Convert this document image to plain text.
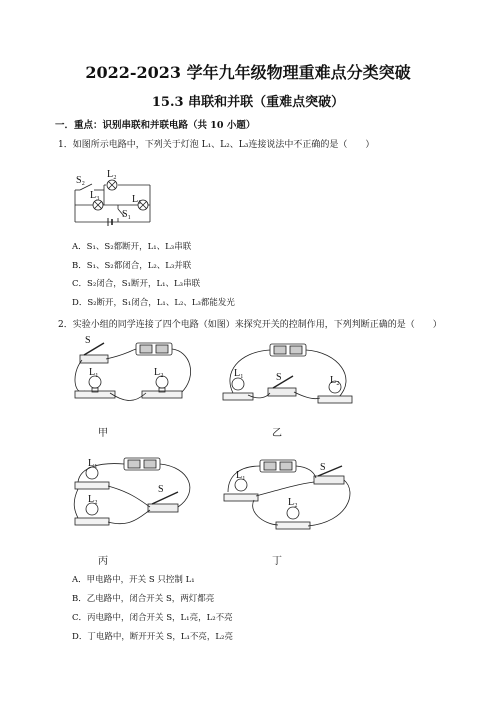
2022-2023 学年九年级物理重难点分类突破
15.3 串联和并联（重难点突破）
一．重点：识别串联和并联电路（共 10 小题）
1．如图所示电路中，下列关于灯泡 L₁、L₂、L₃连接说法中不正确的是（　　）
S₂
L₃
L₂
L₁
S₁
A．S₁、S₂都断开，L₁、L₃串联
B．S₁、S₂都闭合，L₂、L₃并联
C．S₂闭合，S₁断开，L₁、L₃串联
D．S₂断开，S₁闭合，L₁、L₂、L₃都能发光
2．实验小组的同学连接了四个电路（如图）来探究开关的控制作用，下列判断正确的是（　　）
S
L₁	L₂
甲
L₁	S	L₂
乙
L₁
L₂
S
丙
L₁
L₂
S
丁
A．甲电路中，开关 S 只控制 L₁
B．乙电路中，闭合开关 S，两灯都亮
C．丙电路中，闭合开关 S，L₁亮，L₂不亮
D．丁电路中，断开开关 S，L₁不亮，L₂亮
